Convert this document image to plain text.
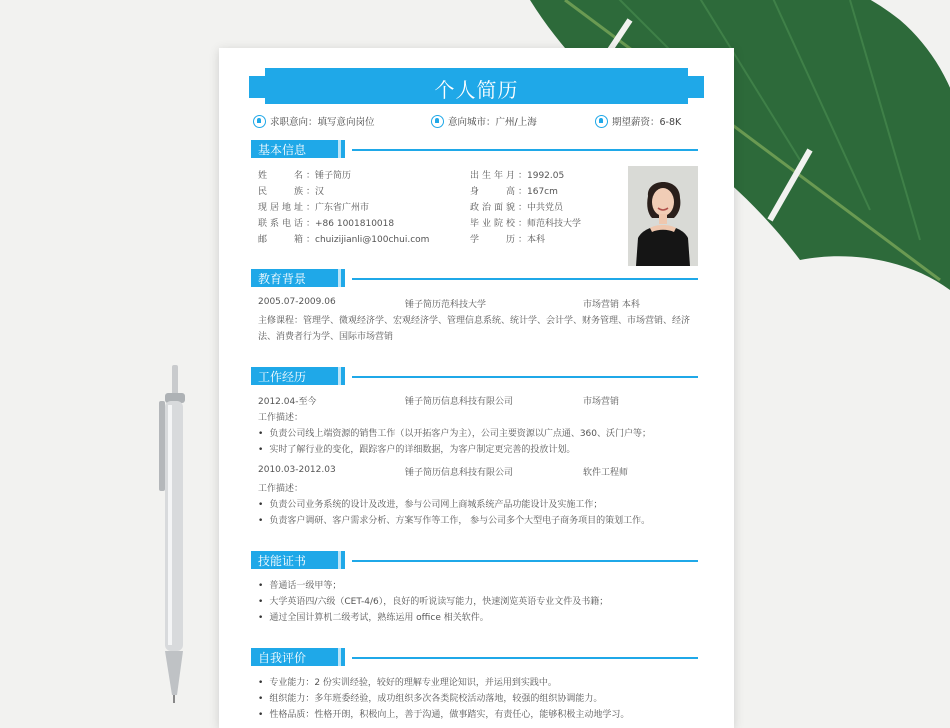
个人简历
求职意向：填写意向岗位	意向城市：广州/上海	期望薪资：6-8K
基本信息
姓名 ：锤子简历
民族 ：汉
现居地址 ：广东省广州市
联系电话 ：+86 1001810018
邮箱 ：chuizijianli@100chui.com
出生年月 ：1992.05
身高 ：167cm
政治面貌 ：中共党员
毕业院校 ：师范科技大学
学历 ：本科
教育背景
2005.07-2009.06	锤子简历范科技大学	市场营销 本科
主修课程：管理学、微观经济学、宏观经济学、管理信息系统、统计学、会计学、财务管理、市场营销、经济
法、消费者行为学、国际市场营销
工作经历
2012.04-至今	锤子简历信息科技有限公司	市场营销
工作描述：
• 负责公司线上端资源的销售工作（以开拓客户为主），公司主要资源以广点通、360、沃门户等；
• 实时了解行业的变化，跟踪客户的详细数据，为客户制定更完善的投放计划。
2010.03-2012.03	锤子简历信息科技有限公司	软件工程师
工作描述：
• 负责公司业务系统的设计及改进，参与公司网上商城系统产品功能设计及实施工作；
• 负责客户调研、客户需求分析、方案写作等工作， 参与公司多个大型电子商务项目的策划工作。
技能证书
• 普通话一级甲等；
• 大学英语四/六级（CET-4/6），良好的听说读写能力，快速浏览英语专业文件及书籍；
• 通过全国计算机二级考试，熟练运用 office 相关软件。
自我评价
• 专业能力：2 份实训经验，较好的理解专业理论知识，并运用到实践中。
• 组织能力：多年班委经验，成功组织多次各类院校活动落地，较强的组织协调能力。
• 性格品质：性格开朗，积极向上，善于沟通，做事踏实，有责任心，能够积极主动地学习。
